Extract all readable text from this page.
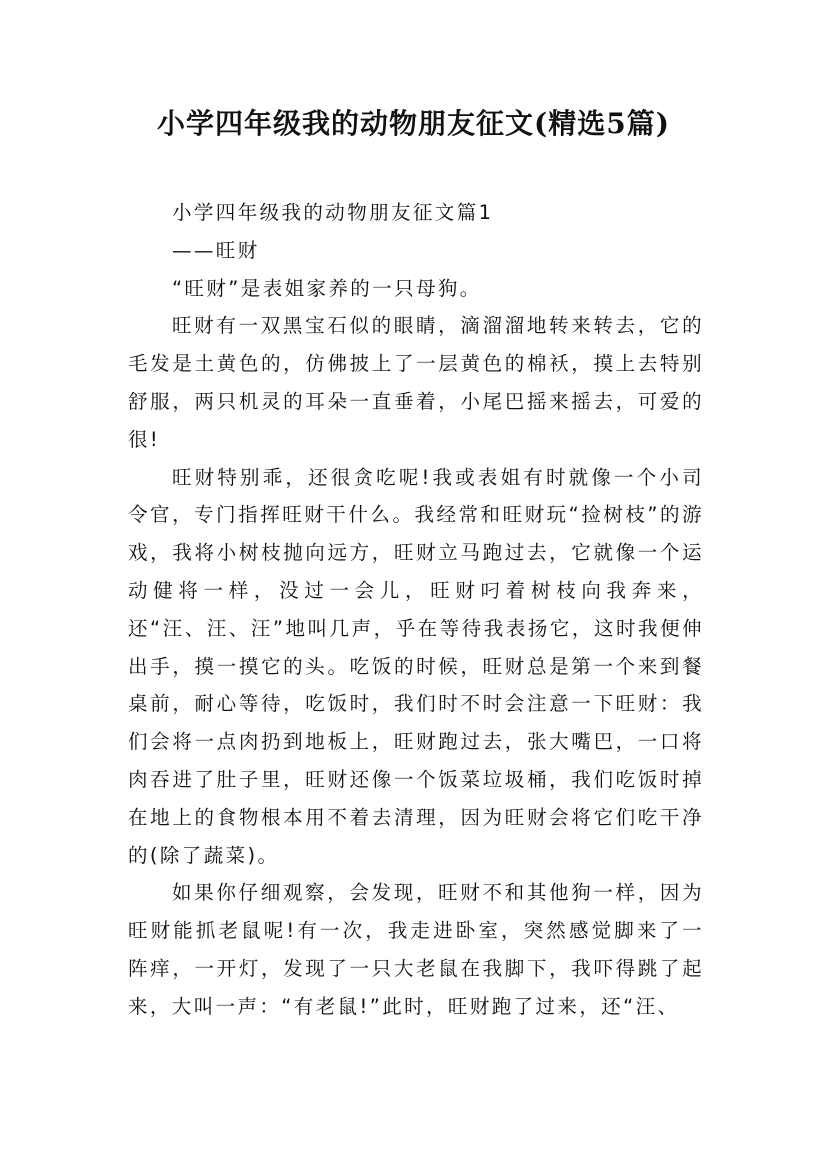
小学四年级我的动物朋友征文(精选5篇)

小学四年级我的动物朋友征文篇1

——旺财

“旺财”是表姐家养的一只母狗。

旺财有一双黑宝石似的眼睛，滴溜溜地转来转去，它的毛发是土黄色的，仿佛披上了一层黄色的棉袄，摸上去特别舒服，两只机灵的耳朵一直垂着，小尾巴摇来摇去，可爱的很!

旺财特别乖，还很贪吃呢!我或表姐有时就像一个小司令官，专门指挥旺财干什么。我经常和旺财玩“捡树枝”的游戏，我将小树枝抛向远方，旺财立马跑过去，它就像一个运动健将一样，没过一会儿，旺财叼着树枝向我奔来，还“汪、汪、汪”地叫几声，乎在等待我表扬它，这时我便伸出手，摸一摸它的头。吃饭的时候，旺财总是第一个来到餐桌前，耐心等待，吃饭时，我们时不时会注意一下旺财：我们会将一点肉扔到地板上，旺财跑过去，张大嘴巴，一口将肉吞进了肚子里，旺财还像一个饭菜垃圾桶，我们吃饭时掉在地上的食物根本用不着去清理，因为旺财会将它们吃干净的(除了蔬菜)。

如果你仔细观察，会发现，旺财不和其他狗一样，因为旺财能抓老鼠呢!有一次，我走进卧室，突然感觉脚来了一阵痒，一开灯，发现了一只大老鼠在我脚下，我吓得跳了起来，大叫一声：“有老鼠!”此时，旺财跑了过来，还“汪、
